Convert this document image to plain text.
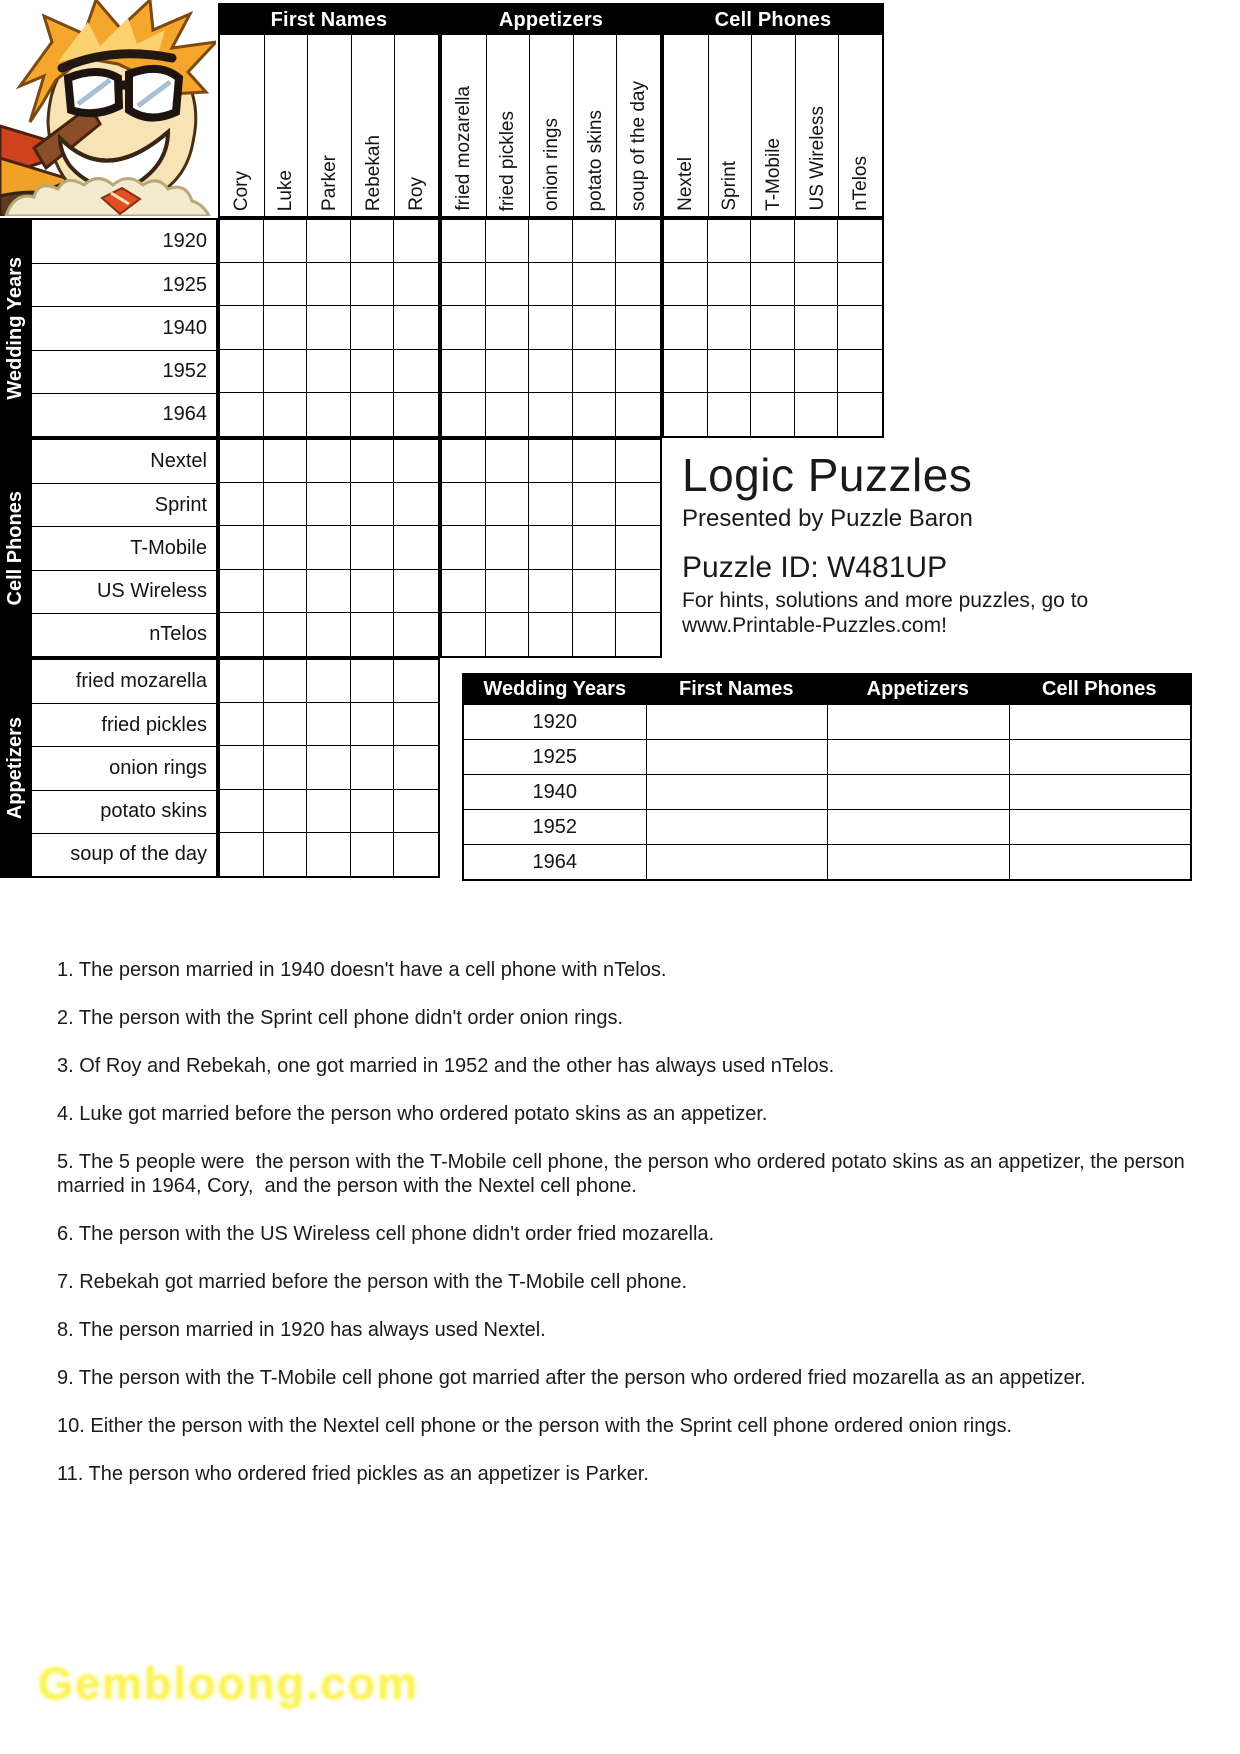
First Names
Cory Luke Parker Rebekah Roy
Appetizers
fried mozarella fried pickles onion rings potato skins soup of the day
Cell Phones
Nextel Sprint T-Mobile US Wireless nTelos
Wedding Years
1920
1925
1940
1952
1964
Cell Phones
Nextel
Sprint
T-Mobile
US Wireless
nTelos
Appetizers
fried mozarella
fried pickles
onion rings
potato skins
soup of the day
Logic Puzzles
Presented by Puzzle Baron
Puzzle ID: W481UP
For hints, solutions and more puzzles, go to
www.Printable-Puzzles.com!
Wedding Years	First Names	Appetizers	Cell Phones
1920
1925
1940
1952
1964
1. The person married in 1940 doesn't have a cell phone with nTelos.
2. The person with the Sprint cell phone didn't order onion rings.
3. Of Roy and Rebekah, one got married in 1952 and the other has always used nTelos.
4. Luke got married before the person who ordered potato skins as an appetizer.
5. The 5 people were  the person with the T-Mobile cell phone, the person who ordered potato skins as an appetizer, the person married in 1964, Cory,  and the person with the Nextel cell phone.
6. The person with the US Wireless cell phone didn't order fried mozarella.
7. Rebekah got married before the person with the T-Mobile cell phone.
8. The person married in 1920 has always used Nextel.
9. The person with the T-Mobile cell phone got married after the person who ordered fried mozarella as an appetizer.
10. Either the person with the Nextel cell phone or the person with the Sprint cell phone ordered onion rings.
11. The person who ordered fried pickles as an appetizer is Parker.
Gembloong.com
